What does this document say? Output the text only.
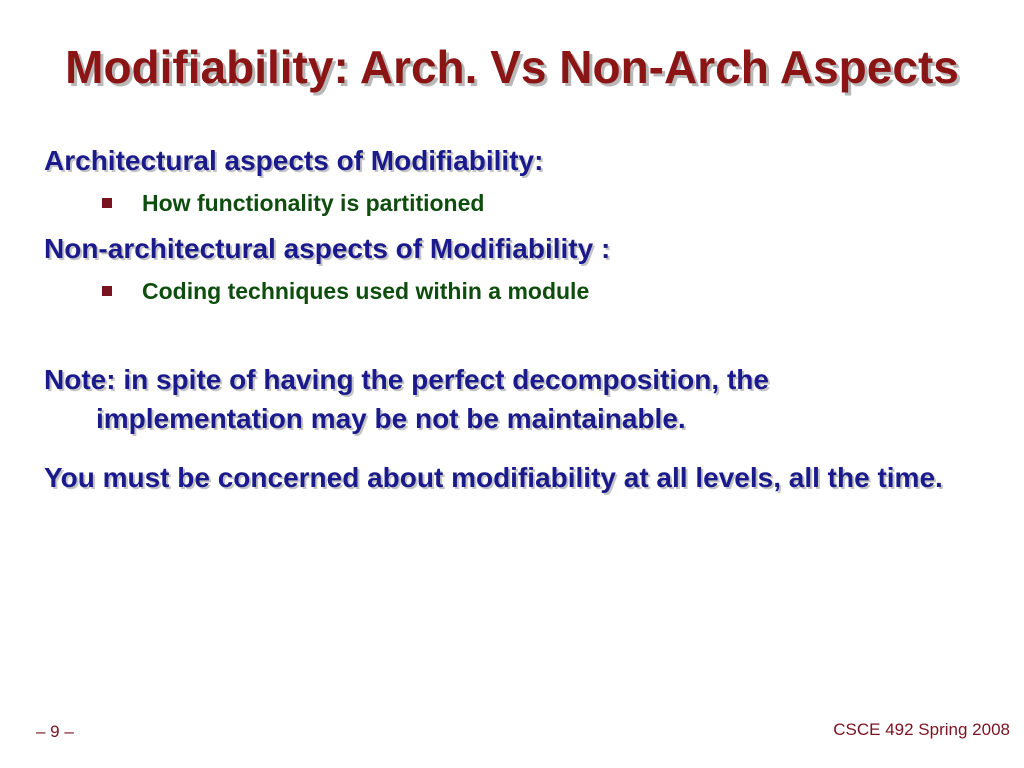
Modifiability: Arch. Vs Non-Arch Aspects

Architectural aspects of Modifiability:

How functionality is partitioned

Non-architectural aspects of Modifiability :

Coding techniques used within a module

Note: in spite of having the perfect decomposition, the implementation may be not be maintainable.

You must be concerned about modifiability at all levels, all the time.

– 9 –	CSCE 492 Spring 2008
